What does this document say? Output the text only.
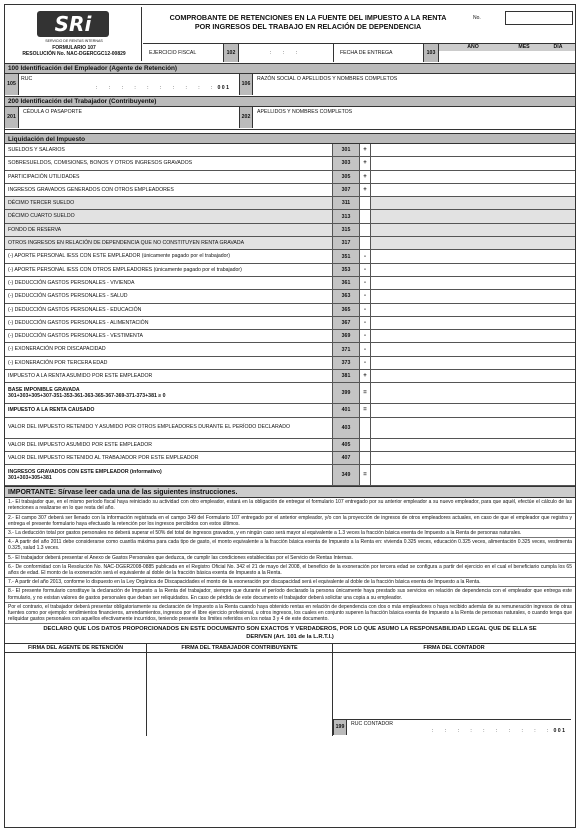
SRi
SERVICIO DE RENTAS INTERNAS
FORMULARIO 107
RESOLUCIÓN No. NAC-DGERCGC12-00829
COMPROBANTE DE RETENCIONES EN LA FUENTE DEL IMPUESTO A LA RENTA
POR INGRESOS DEL TRABAJO EN RELACIÓN DE DEPENDENCIA
No.
EJERCICIO FISCAL	102	: : :	FECHA DE ENTREGA	103
AÑO	MES	DÍA
100 Identificación del Empleador (Agente de Retención)
105
RUC
: : : : : : : : : :0 0 1
106
RAZÓN SOCIAL O APELLIDOS Y NOMBRES COMPLETOS
200 Identificación del Trabajador (Contribuyente)
201
CÉDULA O PASAPORTE
202
APELLIDOS Y NOMBRES COMPLETOS
Liquidación del Impuesto
SUELDOS Y SALARIOS	301	+
SOBRESUELDOS, COMISIONES, BONOS Y OTROS INGRESOS GRAVADOS	303	+
PARTICIPACIÓN UTILIDADES	305	+
INGRESOS GRAVADOS GENERADOS CON OTROS EMPLEADORES	307	+
DÉCIMO TERCER SUELDO	311
DÉCIMO CUARTO SUELDO	313
FONDO DE RESERVA	315
OTROS INGRESOS EN RELACIÓN DE DEPENDENCIA QUE NO CONSTITUYEN RENTA GRAVADA	317
(-) APORTE PERSONAL IESS CON ESTE EMPLEADOR (únicamente pagado por el trabajador)	351	-
(-) APORTE PERSONAL IESS CON OTROS EMPLEADORES (únicamente pagado por el trabajador)	353	-
(-) DEDUCCIÓN GASTOS PERSONALES - VIVIENDA	361	-
(-) DEDUCCIÓN GASTOS PERSONALES - SALUD	363	-
(-) DEDUCCIÓN GASTOS PERSONALES - EDUCACIÓN	365	-
(-) DEDUCCIÓN GASTOS PERSONALES - ALIMENTACIÓN	367	-
(-) DEDUCCIÓN GASTOS PERSONALES - VESTIMENTA	369	-
(-) EXONERACIÓN POR DISCAPACIDAD	371	-
(-) EXONERACIÓN POR TERCERA EDAD	373	-
IMPUESTO A LA RENTA ASUMIDO POR ESTE EMPLEADOR	381	+
BASE IMPONIBLE GRAVADA
301+303+305+307-351-353-361-363-365-367-369-371-373+381 ≥ 0	399	=
IMPUESTO A LA RENTA CAUSADO	401	=
VALOR DEL IMPUESTO RETENIDO Y ASUMIDO POR OTROS EMPLEADORES DURANTE EL PERÍODO DECLARADO	403
VALOR DEL IMPUESTO ASUMIDO POR ESTE EMPLEADOR	405
VALOR DEL IMPUESTO RETENIDO AL TRABAJADOR POR ESTE EMPLEADOR	407
INGRESOS GRAVADOS CON ESTE EMPLEADOR (informativo)
301+303+305+381	349	=
IMPORTANTE: Sírvase leer cada una de las siguientes instrucciones.
1.- El trabajador que, en el mismo período fiscal haya reiniciado su actividad con otro empleador, estará en la obligación de entregar el formulario 107 entregado por su anterior empleador a su nuevo empleador, para que aquél, efectúe el cálculo de las retenciones a realizarse en lo que resta del año.
2.- El campo 307 deberá ser llenado con la información registrada en el campo 349 del Formulario 107 entregado por el anterior empleador, y/o con la proyección de ingresos de otros empleadores actuales, en caso de que el empleador que registra y entrega el presente formulario haya efectuado la retención por los ingresos percibidos con estos últimos.
3.- La deducción total por gastos personales no deberá superar el 50% del total de ingresos gravados, y en ningún caso será mayor al equivalente a 1.3 veces la fracción básica exenta de Impuesto a la Renta de personas naturales.
4.- A partir del año 2011 debe considerarse como cuantía máxima para cada tipo de gasto, el monto equivalente a la fracción básica exenta de Impuesto a la Renta en: vivienda 0.325 veces, educación 0.325 veces, alimentación 0.325 veces, vestimenta 0.325, salud 1.3 veces.
5.- El trabajador deberá presentar el Anexo de Gastos Personales que deduzca, de cumplir las condiciones establecidas por el Servicio de Rentas Internas.
6.- De conformidad con la Resolución No. NAC-DGER2008-0885 publicada en el Registro Oficial No. 342 el 21 de mayo del 2008, el beneficio de la exoneración por tercera edad se configura a partir del ejercicio en el cual el beneficiario cumpla los 65 años de edad. El monto de la exoneración será el equivalente al doble de la fracción básica exenta de Impuesto a la Renta.
7.- A partir del año 2013, conforme lo dispuesto en la Ley Orgánica de Discapacidades el monto de la exoneración por discapacidad será el equivalente al doble de la fracción básica exenta de Impuesto a la Renta.
8.- El presente formulario constituye la declaración de Impuesto a la Renta del trabajador, siempre que durante el período declarado la persona únicamente haya prestado sus servicios en relación de dependencia con el empleador que entrega este formulario, y no existan valores de gastos personales que deban ser reliquidados. En caso de pérdida de este documento el trabajador deberá solicitar una copia a su empleador.
Por el contrario, el trabajador deberá presentar obligatoriamente su declaración de Impuesto a la Renta cuando haya obtenido rentas en relación de dependencia con dos o más empleadores o haya recibido además de su remuneración ingresos de otras fuentes como por ejemplo: rendimientos financieros, arrendamientos, ingresos por el libre ejercicio profesional, u otros ingresos, los cuales en conjunto superen la fracción básica exenta de Impuesto a la Renta de personas naturales, o cuando tenga que reliquidar gastos personales con aquellos efectivamente incurridos, teniendo presente los límites referidos en los notas 3 y 4 de este documento.
DECLARO QUE LOS DATOS PROPORCIONADOS EN ESTE DOCUMENTO SON EXACTOS Y VERDADEROS, POR LO QUE ASUMO LA RESPONSABILIDAD LEGAL QUE DE ELLA SE
DERIVEN (Art. 101 de la L.R.T.I.)
FIRMA DEL AGENTE DE RETENCIÓN	FIRMA DEL TRABAJADOR CONTRIBUYENTE	FIRMA DEL CONTADOR
199	RUC CONTADOR
: : : : : : : : : :0 0 1
